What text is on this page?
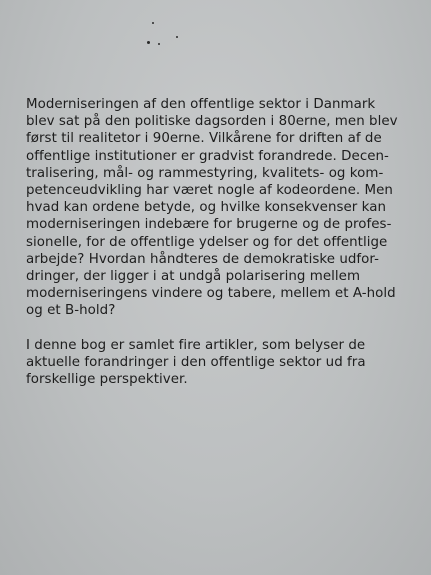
Moderniseringen af den offentlige sektor i Danmark
blev sat på den politiske dagsorden i 80erne, men blev
først til realitetor i 90erne. Vilkårene for driften af de
offentlige institutioner er gradvist forandrede. Decen-
tralisering, mål- og rammestyring, kvalitets- og kom-
petenceudvikling har været nogle af kodeordene. Men
hvad kan ordene betyde, og hvilke konsekvenser kan
moderniseringen indebære for brugerne og de profes-
sionelle, for de offentlige ydelser og for det offentlige
arbejde? Hvordan håndteres de demokratiske udfor-
dringer, der ligger i at undgå polarisering mellem
moderniseringens vindere og tabere, mellem et A-hold
og et B-hold?
I denne bog er samlet fire artikler, som belyser de
aktuelle forandringer i den offentlige sektor ud fra
forskellige perspektiver.
